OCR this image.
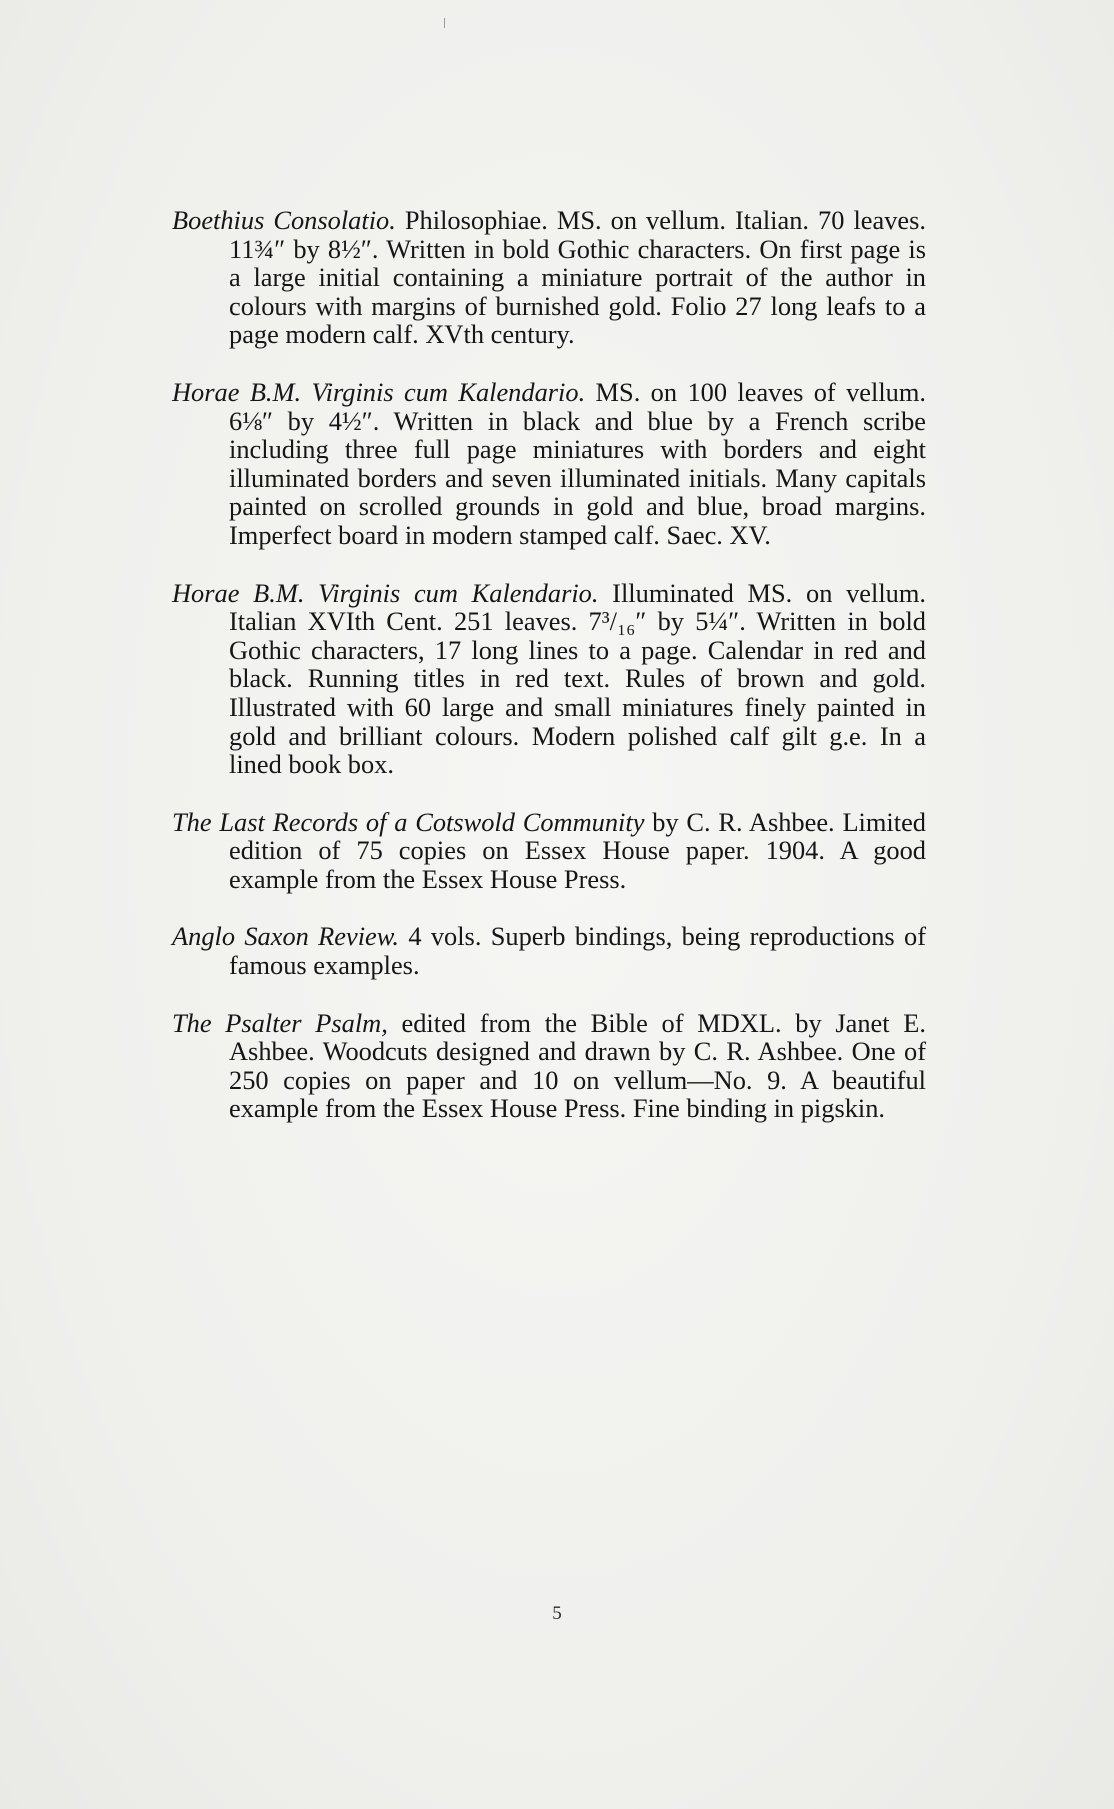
Boethius Consolatio. Philosophiae. MS. on vellum. Italian. 70 leaves. 11¾″ by 8½″. Written in bold Gothic characters. On first page is a large initial containing a miniature portrait of the author in colours with margins of burnished gold. Folio 27 long leafs to a page modern calf. XVth century.

Horae B.M. Virginis cum Kalendario. MS. on 100 leaves of vellum. 6⅛″ by 4½″. Written in black and blue by a French scribe including three full page miniatures with borders and eight illuminated borders and seven illuminated initials. Many capitals painted on scrolled grounds in gold and blue, broad margins. Imperfect board in modern stamped calf. Saec. XV.

Horae B.M. Virginis cum Kalendario. Illuminated MS. on vellum. Italian XVIth Cent. 251 leaves. 7³/₁₆″ by 5¼″. Written in bold Gothic characters, 17 long lines to a page. Calendar in red and black. Running titles in red text. Rules of brown and gold. Illustrated with 60 large and small miniatures finely painted in gold and brilliant colours. Modern polished calf gilt g.e. In a lined book box.

The Last Records of a Cotswold Community by C. R. Ashbee. Limited edition of 75 copies on Essex House paper. 1904. A good example from the Essex House Press.

Anglo Saxon Review. 4 vols. Superb bindings, being reproductions of famous examples.

The Psalter Psalm, edited from the Bible of MDXL. by Janet E. Ashbee. Woodcuts designed and drawn by C. R. Ashbee. One of 250 copies on paper and 10 on vellum—No. 9. A beautiful example from the Essex House Press. Fine binding in pigskin.

5
